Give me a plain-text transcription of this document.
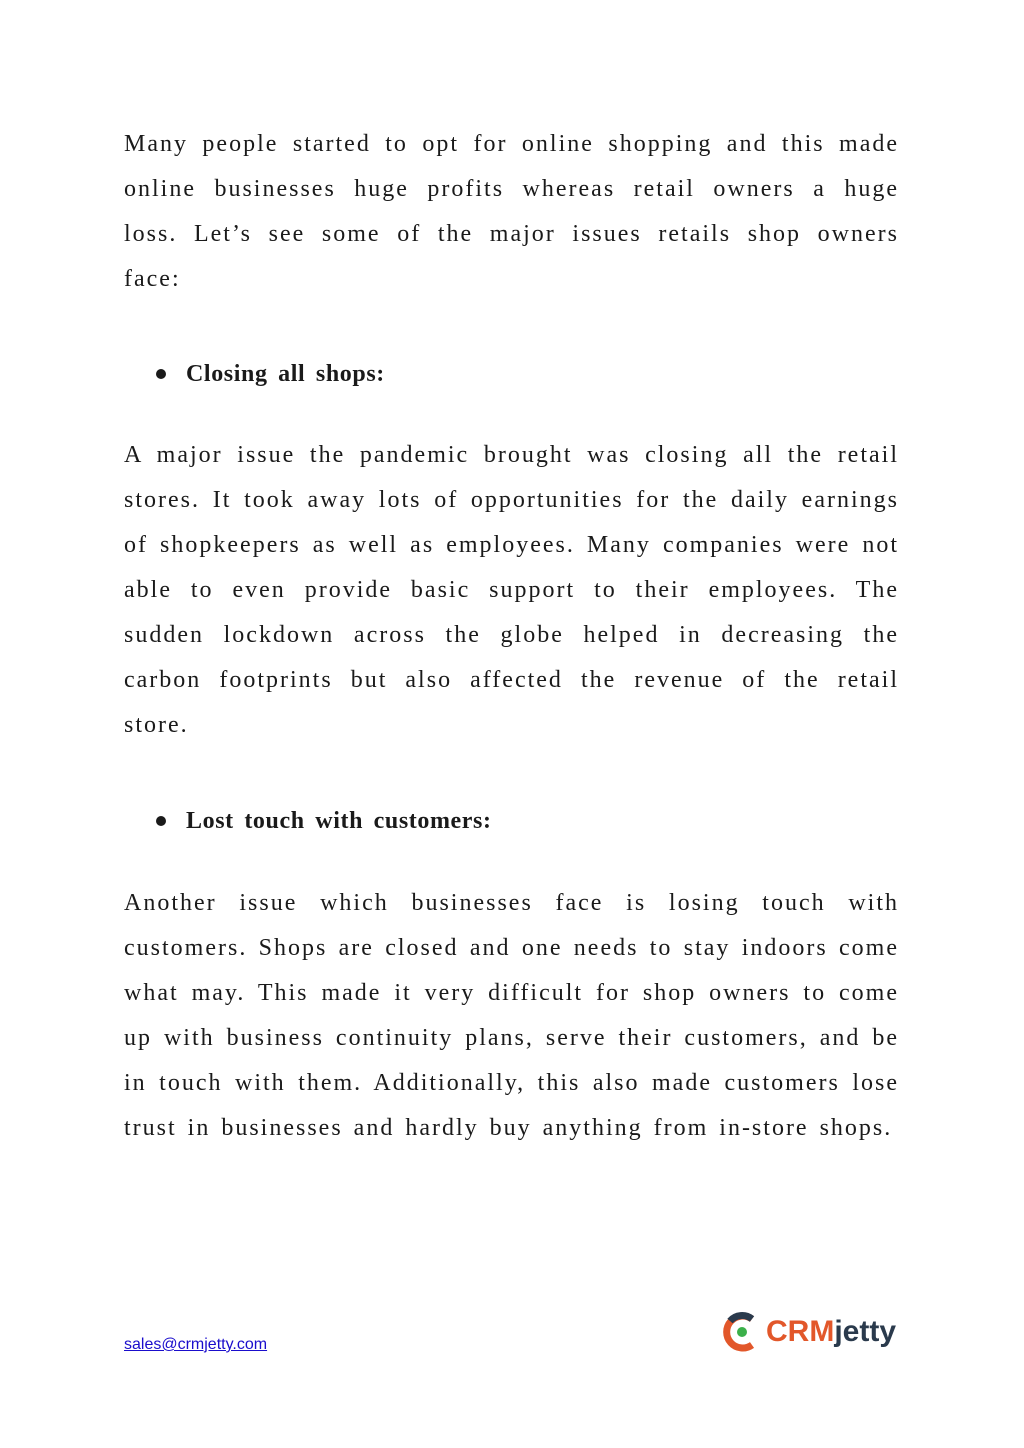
Many people started to opt for online shopping and this made online businesses huge profits whereas retail owners a huge loss. Let’s see some of the major issues retails shop owners face:

Closing all shops:

A major issue the pandemic brought was closing all the retail stores. It took away lots of opportunities for the daily earnings of shopkeepers as well as employees. Many companies were not able to even provide basic support to their employees. The sudden lockdown across the globe helped in decreasing the carbon footprints but also affected the revenue of the retail store.

Lost touch with customers:

Another issue which businesses face is losing touch with customers. Shops are closed and one needs to stay indoors come what may. This made it very difficult for shop owners to come up with business continuity plans, serve their customers, and be in touch with them. Additionally, this also made customers lose trust in businesses and hardly buy anything from in-store shops.

sales@crmjetty.com	CRMjetty
